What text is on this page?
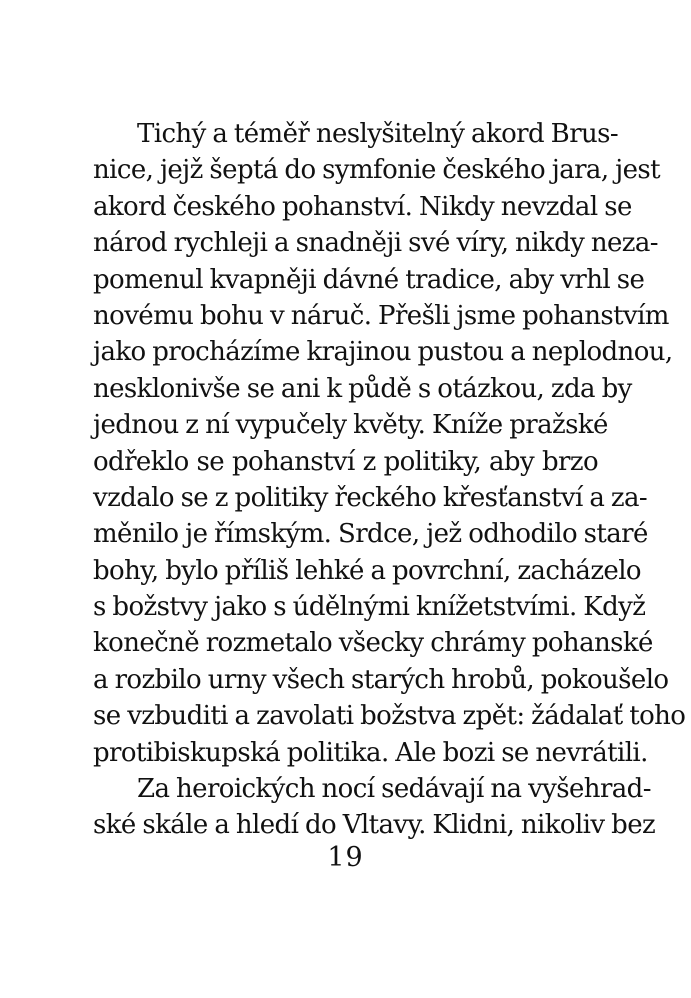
Tichý a téměř neslyšitelný akord Brus-
nice, jejž šeptá do symfonie českého jara, jest
akord českého pohanství. Nikdy nevzdal se
národ rychleji a snadněji své víry, nikdy neza-
pomenul kvapněji dávné tradice, aby vrhl se
novému bohu v náruč. Přešli jsme pohanstvím
jako procházíme krajinou pustou a neplodnou,
nesklonivše se ani k půdě s otázkou, zda by
jednou z ní vypučely květy. Kníže pražské
odřeklo se pohanství z politiky, aby brzo
vzdalo se z politiky řeckého křesťanství a za-
měnilo je římským. Srdce, jež odhodilo staré
bohy, bylo příliš lehké a povrchní, zacházelo
s božstvy jako s údělnými knížetstvími. Když
konečně rozmetalo všecky chrámy pohanské
a rozbilo urny všech starých hrobů, pokoušelo
se vzbuditi a zavolati božstva zpět: žádalať toho
protibiskupská politika. Ale bozi se nevrátili.
Za heroických nocí sedávají na vyšehrad-
ské skále a hledí do Vltavy. Klidni, nikoliv bez
19
